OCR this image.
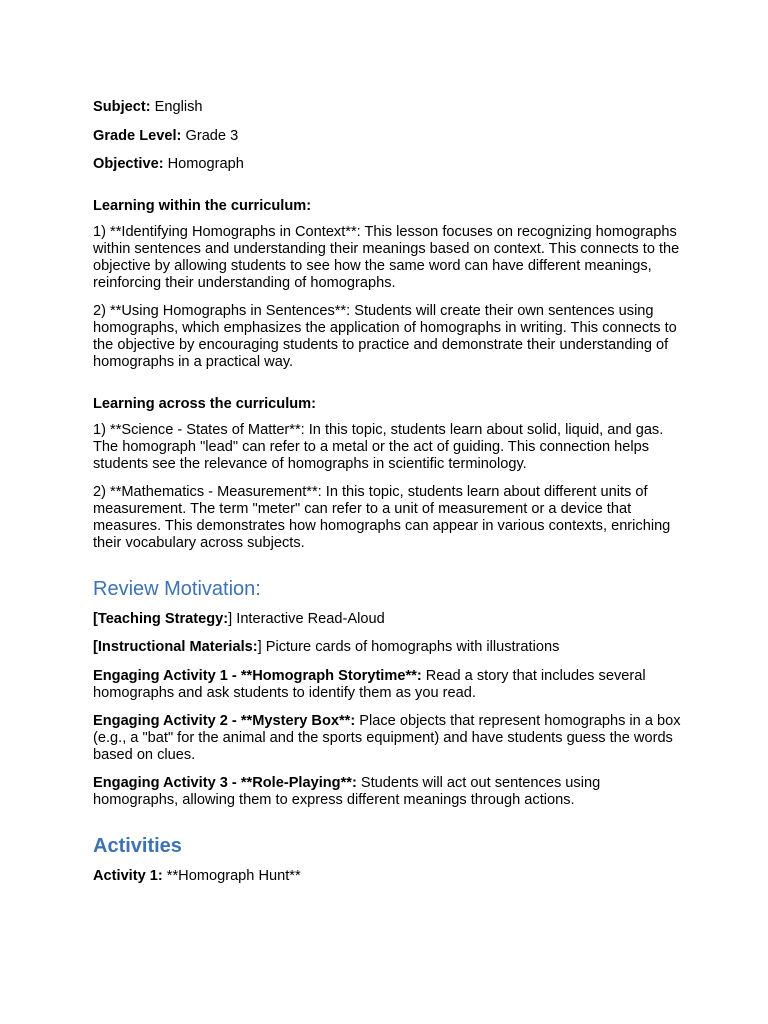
Subject: English

Grade Level: Grade 3

Objective: Homograph

Learning within the curriculum:

1) **Identifying Homographs in Context**: This lesson focuses on recognizing homographs within sentences and understanding their meanings based on context. This connects to the objective by allowing students to see how the same word can have different meanings, reinforcing their understanding of homographs.

2) **Using Homographs in Sentences**: Students will create their own sentences using homographs, which emphasizes the application of homographs in writing. This connects to the objective by encouraging students to practice and demonstrate their understanding of homographs in a practical way.

Learning across the curriculum:

1) **Science - States of Matter**: In this topic, students learn about solid, liquid, and gas. The homograph "lead" can refer to a metal or the act of guiding. This connection helps students see the relevance of homographs in scientific terminology.

2) **Mathematics - Measurement**: In this topic, students learn about different units of measurement. The term "meter" can refer to a unit of measurement or a device that measures. This demonstrates how homographs can appear in various contexts, enriching their vocabulary across subjects.

Review Motivation:

[Teaching Strategy:] Interactive Read-Aloud

[Instructional Materials:] Picture cards of homographs with illustrations

Engaging Activity 1 - **Homograph Storytime**: Read a story that includes several homographs and ask students to identify them as you read.

Engaging Activity 2 - **Mystery Box**: Place objects that represent homographs in a box (e.g., a "bat" for the animal and the sports equipment) and have students guess the words based on clues.

Engaging Activity 3 - **Role-Playing**: Students will act out sentences using homographs, allowing them to express different meanings through actions.

Activities

Activity 1: **Homograph Hunt**
